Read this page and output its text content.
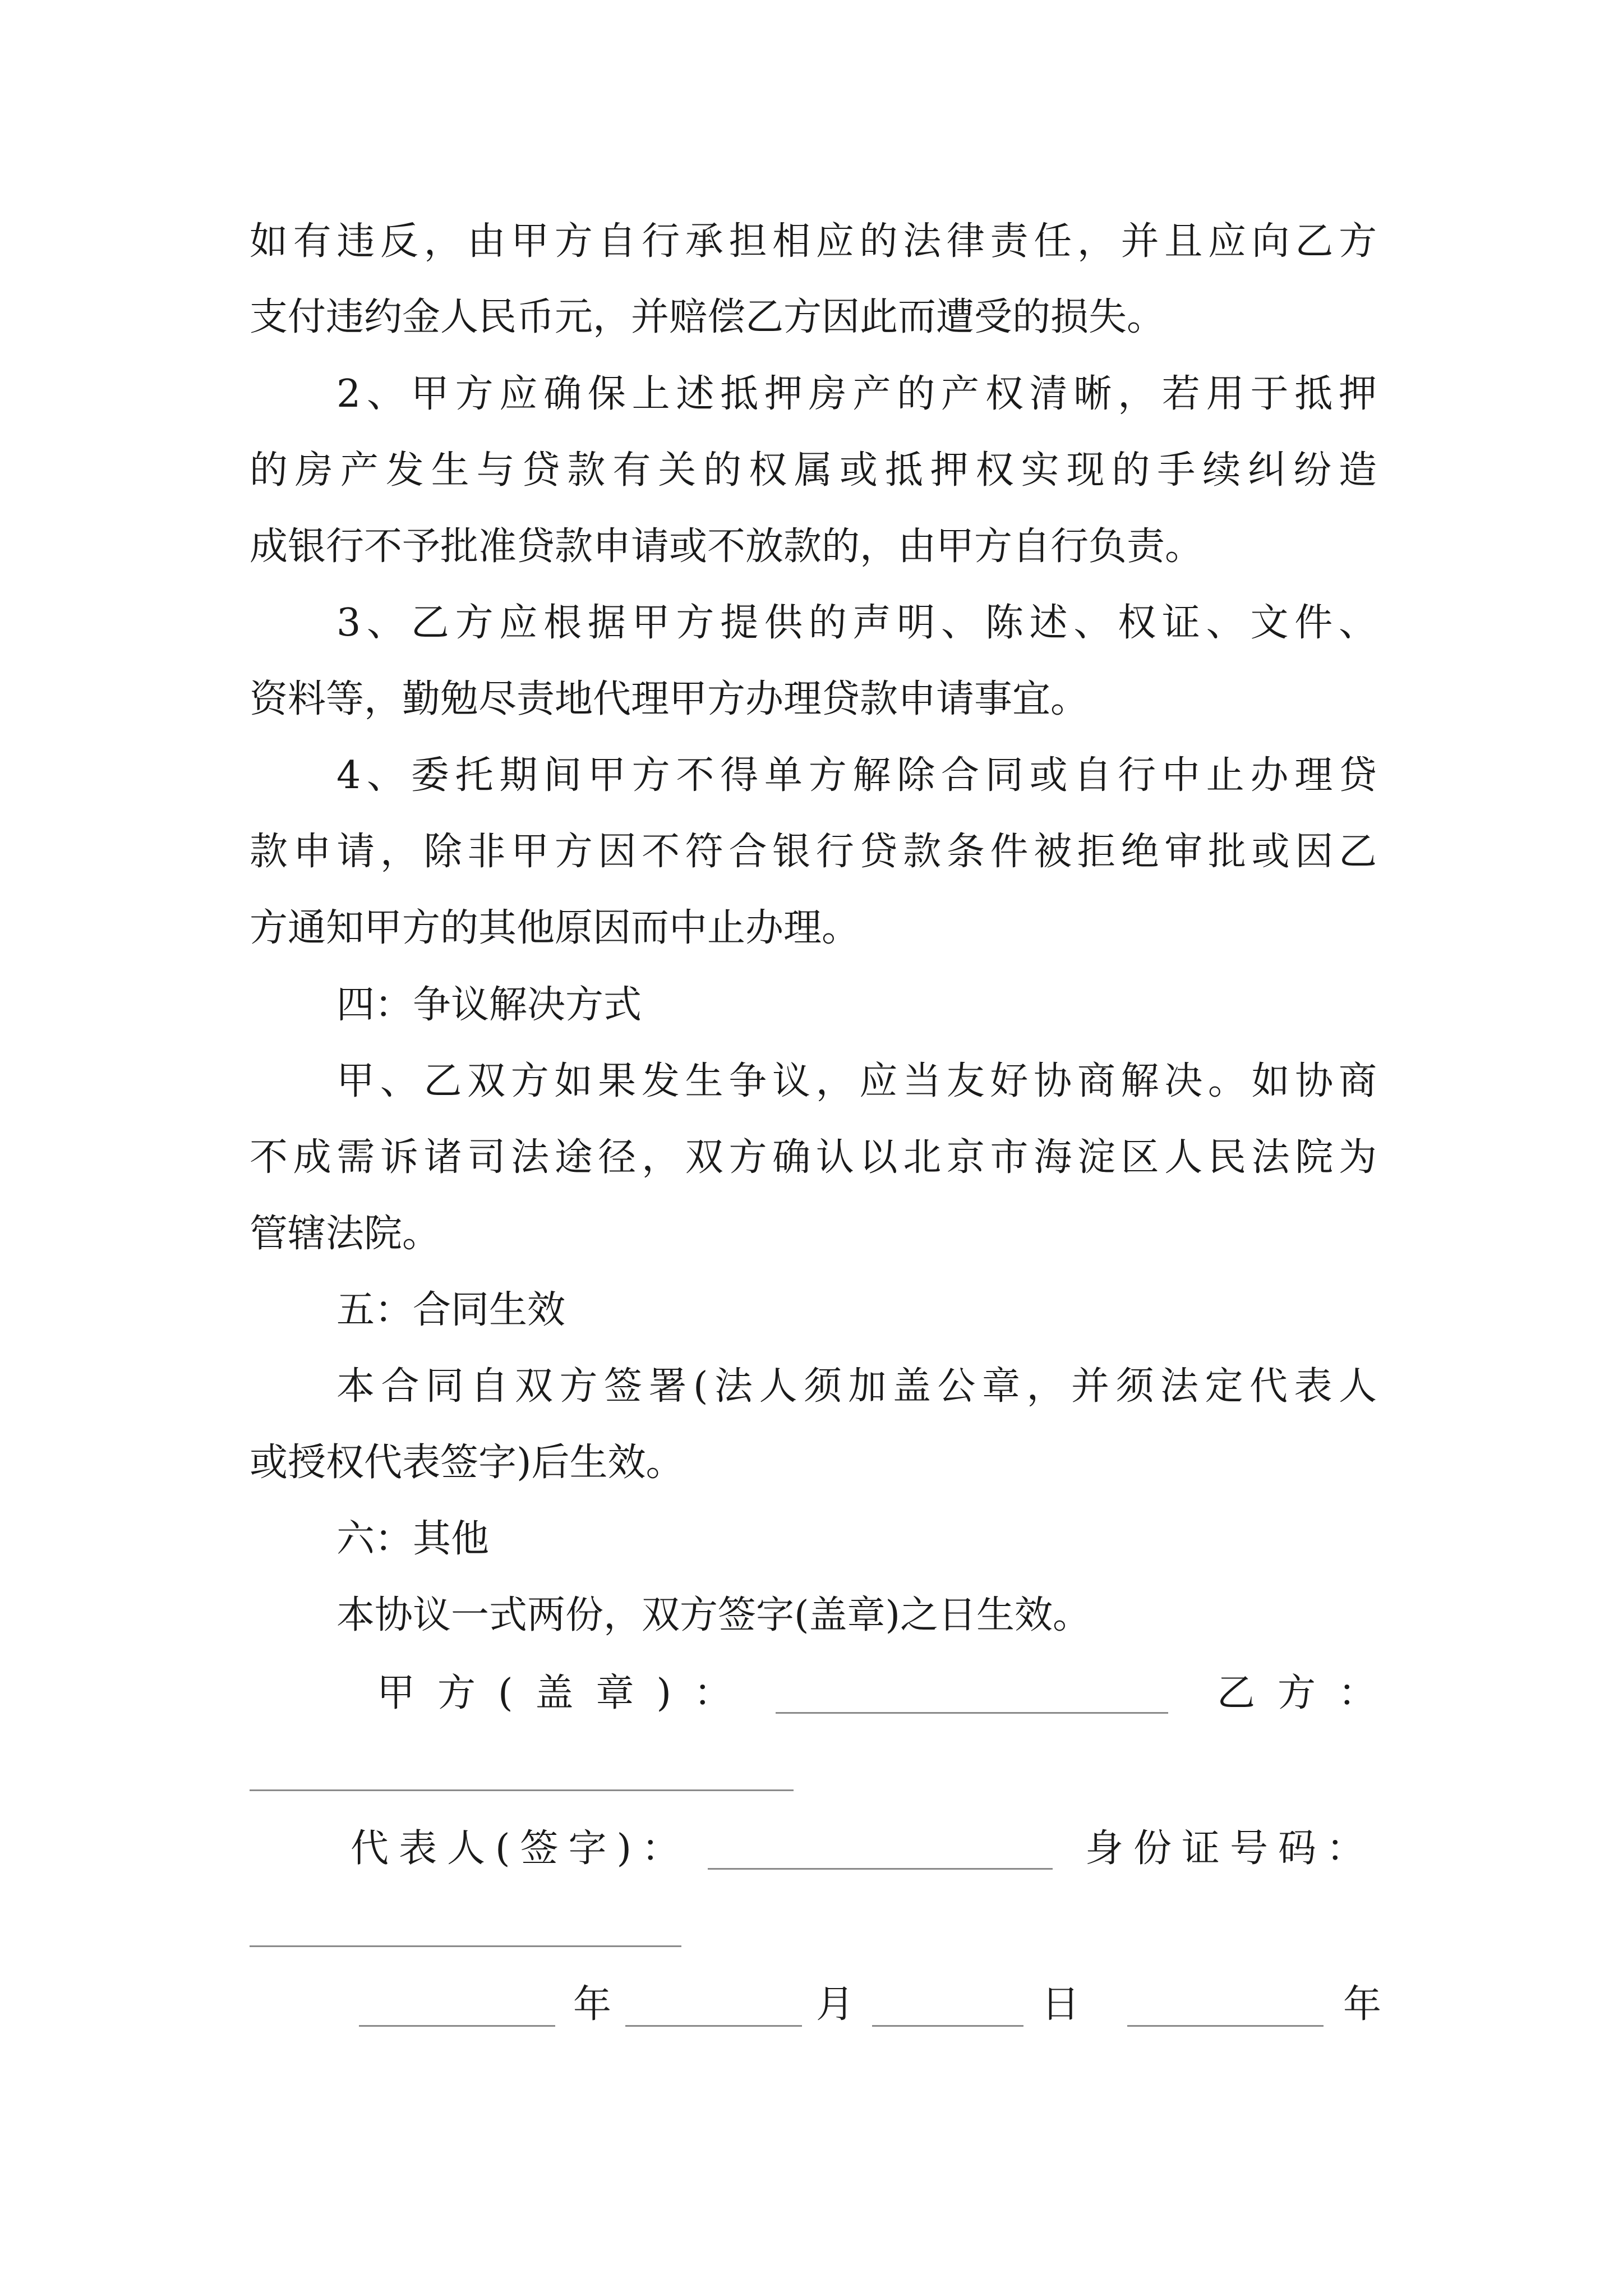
如有违反，由甲方自行承担相应的法律责任，并且应向乙方
支付违约金人民币元，并赔偿乙方因此而遭受的损失。
2、甲方应确保上述抵押房产的产权清晰，若用于抵押
的房产发生与贷款有关的权属或抵押权实现的手续纠纷造
成银行不予批准贷款申请或不放款的，由甲方自行负责。
3、乙方应根据甲方提供的声明、陈述、权证、文件、
资料等，勤勉尽责地代理甲方办理贷款申请事宜。
4、委托期间甲方不得单方解除合同或自行中止办理贷
款申请，除非甲方因不符合银行贷款条件被拒绝审批或因乙
方通知甲方的其他原因而中止办理。
四：争议解决方式
甲、乙双方如果发生争议，应当友好协商解决。如协商
不成需诉诸司法途径，双方确认以北京市海淀区人民法院为
管辖法院。
五：合同生效
本合同自双方签署(法人须加盖公章，并须法定代表人
或授权代表签字)后生效。
六：其他
本协议一式两份，双方签字(盖章)之日生效。
甲方(盖章)：	乙方：
代表人(签字)：	身份证号码：
年	月	日	年
